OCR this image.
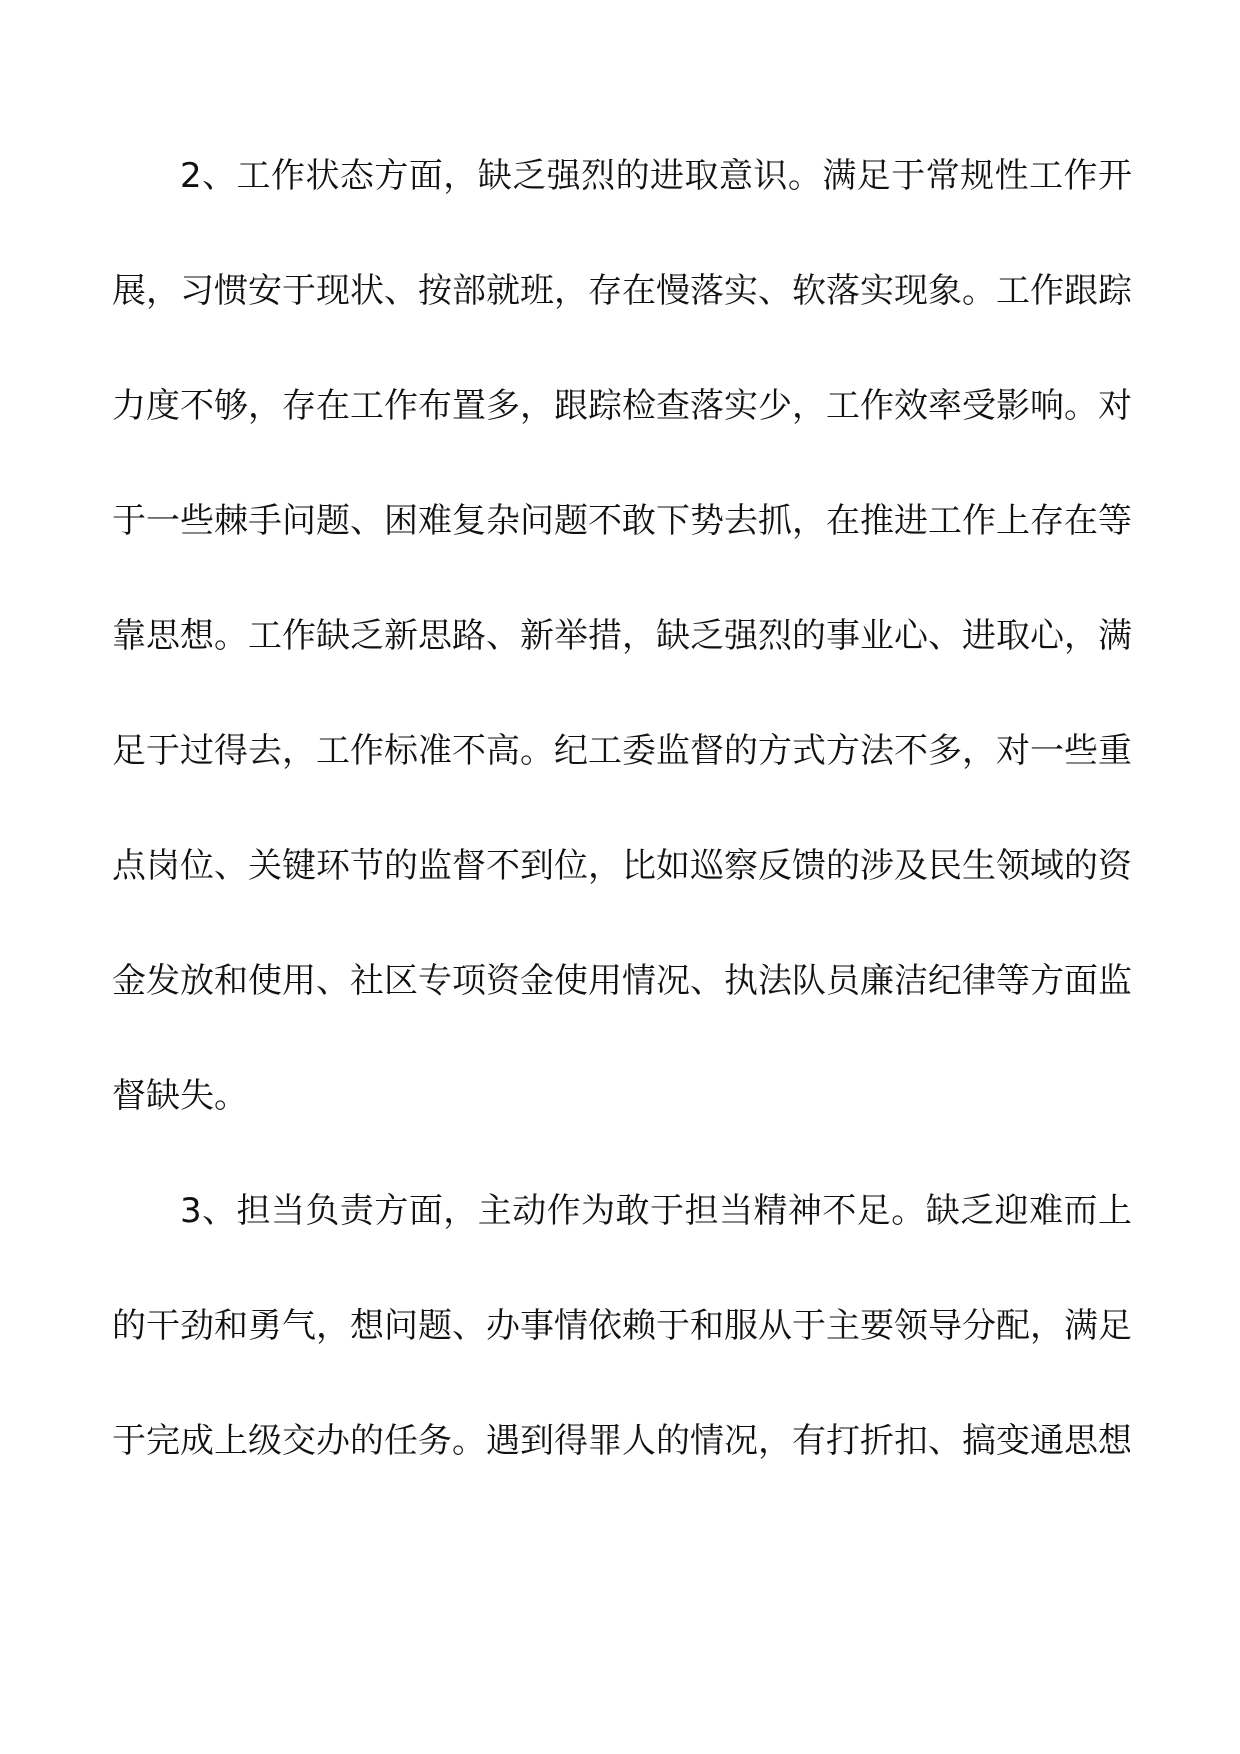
2、工作状态方面，缺乏强烈的进取意识。满足于常规性工作开
展，习惯安于现状、按部就班，存在慢落实、软落实现象。工作跟踪
力度不够，存在工作布置多，跟踪检查落实少，工作效率受影响。对
于一些棘手问题、困难复杂问题不敢下势去抓，在推进工作上存在等
靠思想。工作缺乏新思路、新举措，缺乏强烈的事业心、进取心，满
足于过得去，工作标准不高。纪工委监督的方式方法不多，对一些重
点岗位、关键环节的监督不到位，比如巡察反馈的涉及民生领域的资
金发放和使用、社区专项资金使用情况、执法队员廉洁纪律等方面监
督缺失。
3、担当负责方面，主动作为敢于担当精神不足。缺乏迎难而上
的干劲和勇气，想问题、办事情依赖于和服从于主要领导分配，满足
于完成上级交办的任务。遇到得罪人的情况，有打折扣、搞变通思想
